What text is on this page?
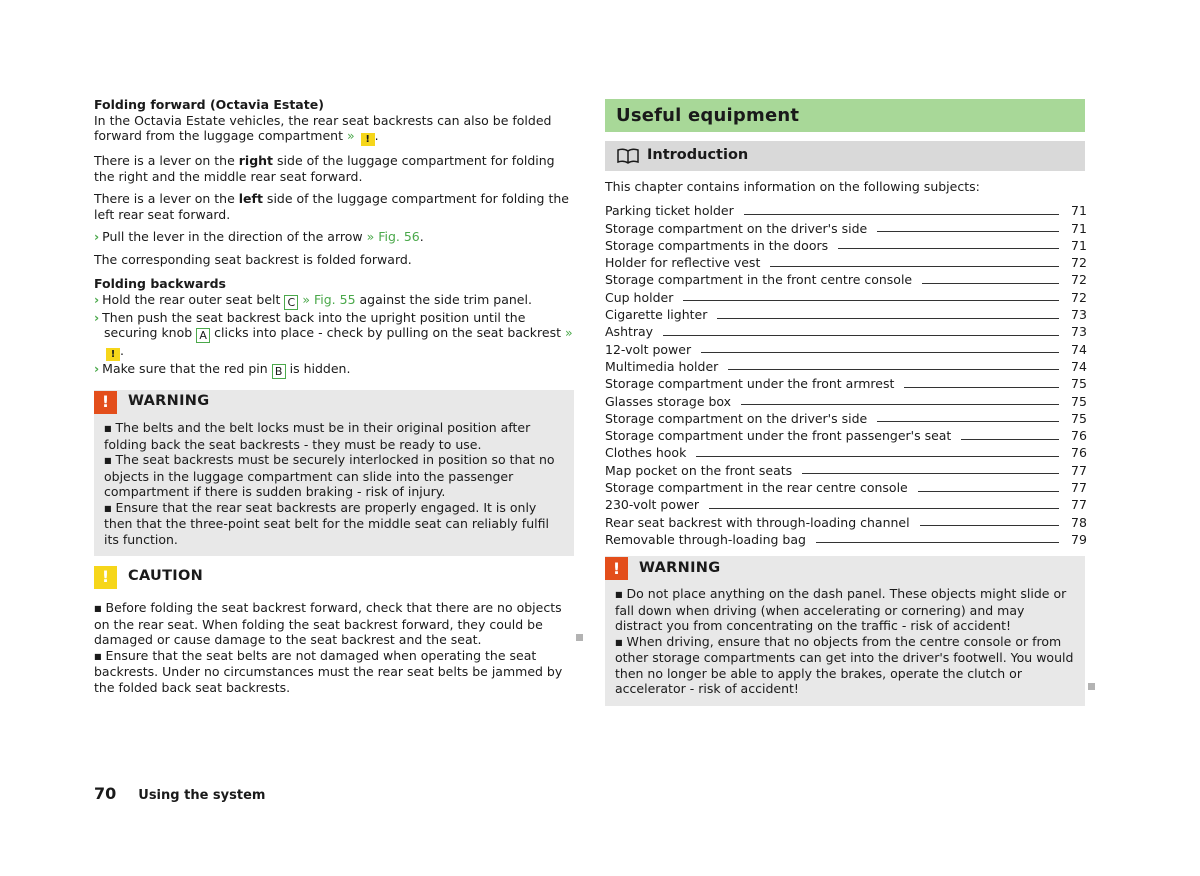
Folding forward (Octavia Estate)
In the Octavia Estate vehicles, the rear seat backrests can also be folded forward from the luggage compartment » ! .
There is a lever on the right side of the luggage compartment for folding the right and the middle rear seat forward.
There is a lever on the left side of the luggage compartment for folding the left rear seat forward.
› Pull the lever in the direction of the arrow » Fig. 56.
The corresponding seat backrest is folded forward.
Folding backwards
› Hold the rear outer seat belt C » Fig. 55 against the side trim panel.
› Then push the seat backrest back into the upright position until the securing knob A clicks into place - check by pulling on the seat backrest » ! .
› Make sure that the red pin B is hidden.
!	WARNING
■ The belts and the belt locks must be in their original position after folding back the seat backrests - they must be ready to use.
■ The seat backrests must be securely interlocked in position so that no objects in the luggage compartment can slide into the passenger compartment if there is sudden braking - risk of injury.
■ Ensure that the rear seat backrests are properly engaged. It is only then that the three-point seat belt for the middle seat can reliably fulfil its function.
!	CAUTION
■ Before folding the seat backrest forward, check that there are no objects on the rear seat. When folding the seat backrest forward, they could be damaged or cause damage to the seat backrest and the seat.
■ Ensure that the seat belts are not damaged when operating the seat backrests. Under no circumstances must the rear seat belts be jammed by the folded back seat backrests.
Useful equipment
Introduction
This chapter contains information on the following subjects:
Parking ticket holder	71
Storage compartment on the driver's side	71
Storage compartments in the doors	71
Holder for reflective vest	72
Storage compartment in the front centre console	72
Cup holder	72
Cigarette lighter	73
Ashtray	73
12-volt power	74
Multimedia holder	74
Storage compartment under the front armrest	75
Glasses storage box	75
Storage compartment on the driver's side	75
Storage compartment under the front passenger's seat	76
Clothes hook	76
Map pocket on the front seats	77
Storage compartment in the rear centre console	77
230-volt power	77
Rear seat backrest with through-loading channel	78
Removable through-loading bag	79
!	WARNING
■ Do not place anything on the dash panel. These objects might slide or fall down when driving (when accelerating or cornering) and may distract you from concentrating on the traffic - risk of accident!
■ When driving, ensure that no objects from the centre console or from other storage compartments can get into the driver's footwell. You would then no longer be able to apply the brakes, operate the clutch or accelerator - risk of accident!
70 Using the system
